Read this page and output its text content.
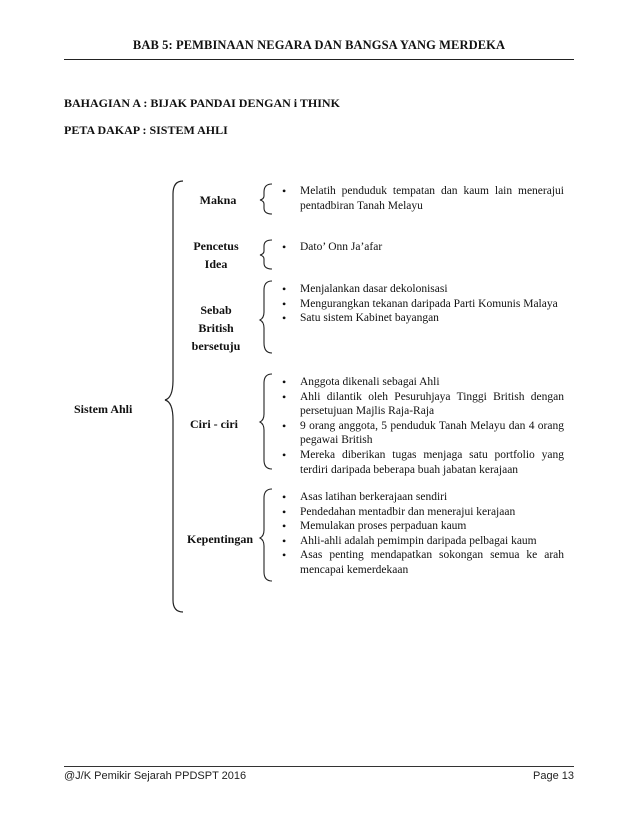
BAB 5: PEMBINAAN NEGARA DAN BANGSA YANG MERDEKA
BAHAGIAN A : BIJAK PANDAI DENGAN i THINK
PETA DAKAP : SISTEM AHLI
Sistem Ahli
Makna
Pencetus Idea
Sebab British bersetuju
Ciri - ciri
Kepentingan
• Melatih penduduk tempatan dan kaum lain menerajui pentadbiran Tanah Melayu
• Dato’ Onn Ja’afar
• Menjalankan dasar dekolonisasi
• Mengurangkan tekanan daripada Parti Komunis Malaya
• Satu sistem Kabinet bayangan
• Anggota dikenali sebagai Ahli
• Ahli dilantik oleh Pesuruhjaya Tinggi British dengan persetujuan Majlis Raja-Raja
• 9 orang anggota, 5 penduduk Tanah Melayu dan 4 orang pegawai British
• Mereka diberikan tugas menjaga satu portfolio yang terdiri daripada beberapa buah jabatan kerajaan
• Asas latihan berkerajaan sendiri
• Pendedahan mentadbir dan menerajui kerajaan
• Memulakan proses perpaduan kaum
• Ahli-ahli adalah pemimpin daripada pelbagai kaum
• Asas penting mendapatkan sokongan semua ke arah mencapai kemerdekaan
@J/K Pemikir Sejarah PPDSPT 2016	Page 13
